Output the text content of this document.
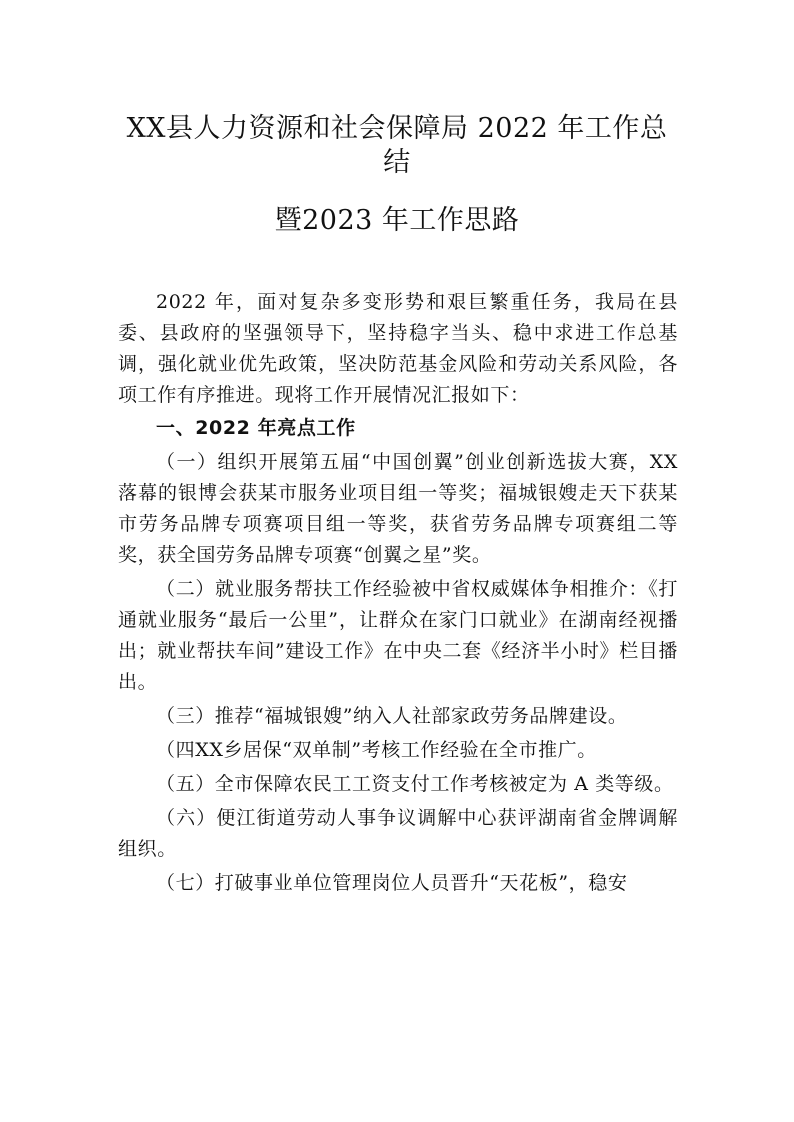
XX县人力资源和社会保障局 2022 年工作总
结
暨2023 年工作思路

2022 年，面对复杂多变形势和艰巨繁重任务，我局在县委、县政府的坚强领导下，坚持稳字当头、稳中求进工作总基调，强化就业优先政策，坚决防范基金风险和劳动关系风险，各项工作有序推进。现将工作开展情况汇报如下：

一、2022 年亮点工作

（一）组织开展第五届“中国创翼”创业创新选拔大赛，XX 落幕的银博会获某市服务业项目组一等奖；福城银嫂走天下获某市劳务品牌专项赛项目组一等奖，获省劳务品牌专项赛组二等奖，获全国劳务品牌专项赛“创翼之星”奖。

（二）就业服务帮扶工作经验被中省权威媒体争相推介：《打通就业服务“最后一公里”，让群众在家门口就业》在湖南经视播出；就业帮扶车间”建设工作》在中央二套《经济半小时》栏目播出。

（三）推荐“福城银嫂”纳入人社部家政劳务品牌建设。

（四XX乡居保“双单制”考核工作经验在全市推广。

（五）全市保障农民工工资支付工作考核被定为 A 类等级。

（六）便江街道劳动人事争议调解中心获评湖南省金牌调解组织。

（七）打破事业单位管理岗位人员晋升“天花板”，稳安
